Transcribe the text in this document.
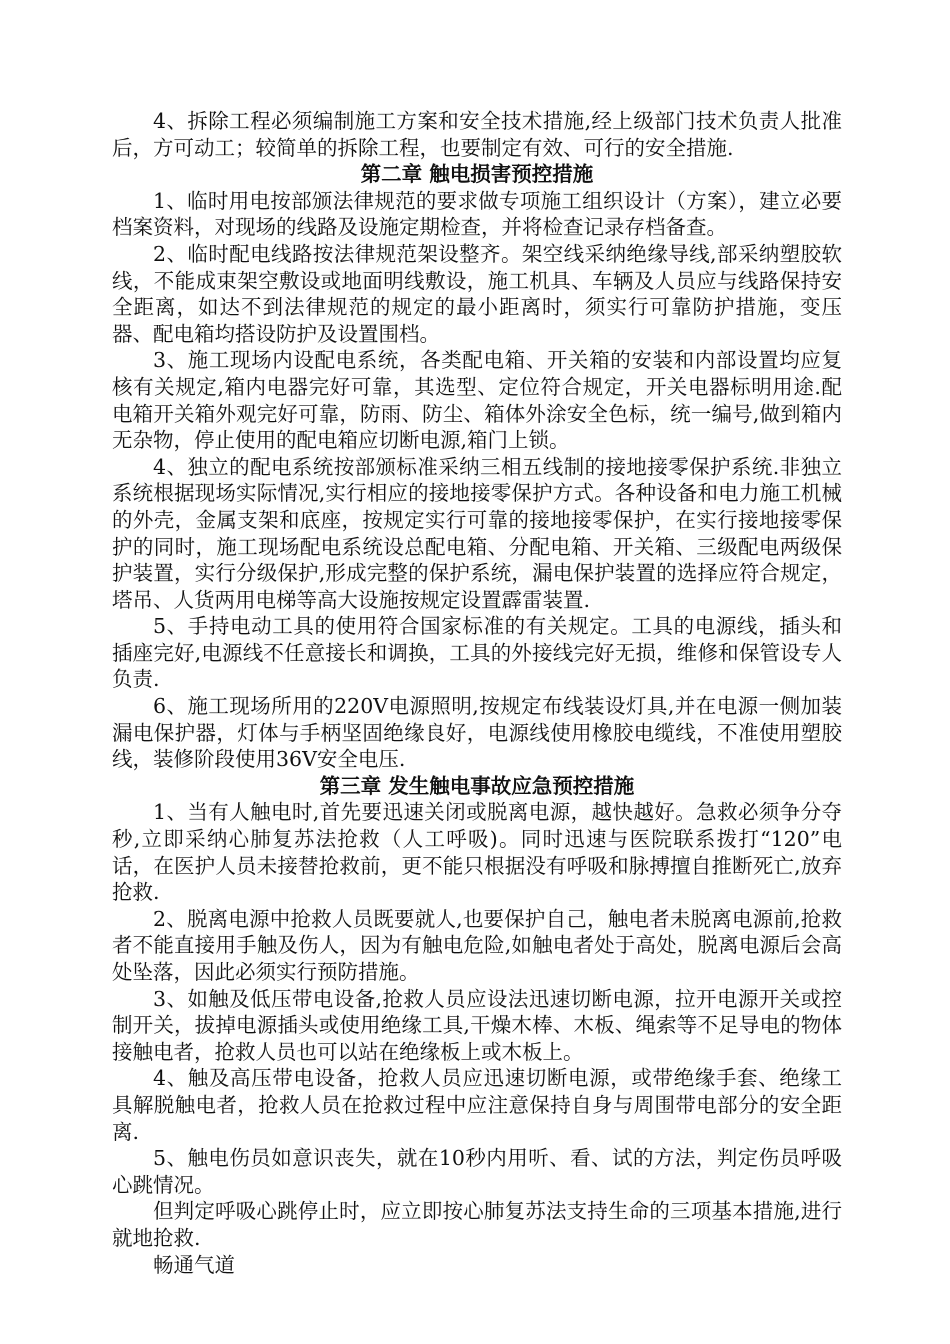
4、拆除工程必须编制施工方案和安全技术措施,经上级部门技术负责人批准后，方可动工；较简单的拆除工程，也要制定有效、可行的安全措施.

第二章 触电损害预控措施

1、临时用电按部颁法律规范的要求做专项施工组织设计（方案），建立必要档案资料，对现场的线路及设施定期检查，并将检查记录存档备查。

2、临时配电线路按法律规范架设整齐。架空线采纳绝缘导线,部采纳塑胶软线，不能成束架空敷设或地面明线敷设，施工机具、车辆及人员应与线路保持安全距离，如达不到法律规范的规定的最小距离时，须实行可靠防护措施，变压器、配电箱均搭设防护及设置围档。

3、施工现场内设配电系统，各类配电箱、开关箱的安装和内部设置均应复核有关规定,箱内电器完好可靠，其选型、定位符合规定，开关电器标明用途.配电箱开关箱外观完好可靠，防雨、防尘、箱体外涂安全色标，统一编号,做到箱内无杂物，停止使用的配电箱应切断电源,箱门上锁。

4、独立的配电系统按部颁标准采纳三相五线制的接地接零保护系统.非独立系统根据现场实际情况,实行相应的接地接零保护方式。各种设备和电力施工机械的外壳，金属支架和底座，按规定实行可靠的接地接零保护，在实行接地接零保护的同时，施工现场配电系统设总配电箱、分配电箱、开关箱、三级配电两级保护装置，实行分级保护,形成完整的保护系统，漏电保护装置的选择应符合规定，塔吊、人货两用电梯等高大设施按规定设置霹雷装置.

5、手持电动工具的使用符合国家标准的有关规定。工具的电源线，插头和插座完好,电源线不任意接长和调换，工具的外接线完好无损，维修和保管设专人负责.

6、施工现场所用的220V电源照明,按规定布线装设灯具,并在电源一侧加装漏电保护器，灯体与手柄坚固绝缘良好，电源线使用橡胶电缆线，不准使用塑胶线，装修阶段使用36V安全电压.

第三章 发生触电事故应急预控措施

1、当有人触电时,首先要迅速关闭或脱离电源，越快越好。急救必须争分夺秒,立即采纳心肺复苏法抢救（人工呼吸)。同时迅速与医院联系拨打“120”电话，在医护人员未接替抢救前，更不能只根据没有呼吸和脉搏擅自推断死亡,放弃抢救.

2、脱离电源中抢救人员既要就人,也要保护自己，触电者未脱离电源前,抢救者不能直接用手触及伤人，因为有触电危险,如触电者处于高处，脱离电源后会高处坠落，因此必须实行预防措施。

3、如触及低压带电设备,抢救人员应设法迅速切断电源，拉开电源开关或控制开关，拔掉电源插头或使用绝缘工具,干燥木棒、木板、绳索等不足导电的物体接触电者，抢救人员也可以站在绝缘板上或木板上。

4、触及高压带电设备，抢救人员应迅速切断电源，或带绝缘手套、绝缘工具解脱触电者，抢救人员在抢救过程中应注意保持自身与周围带电部分的安全距离.

5、触电伤员如意识丧失，就在10秒内用听、看、试的方法，判定伤员呼吸心跳情况。

但判定呼吸心跳停止时，应立即按心肺复苏法支持生命的三项基本措施,进行就地抢救.

畅通气道
